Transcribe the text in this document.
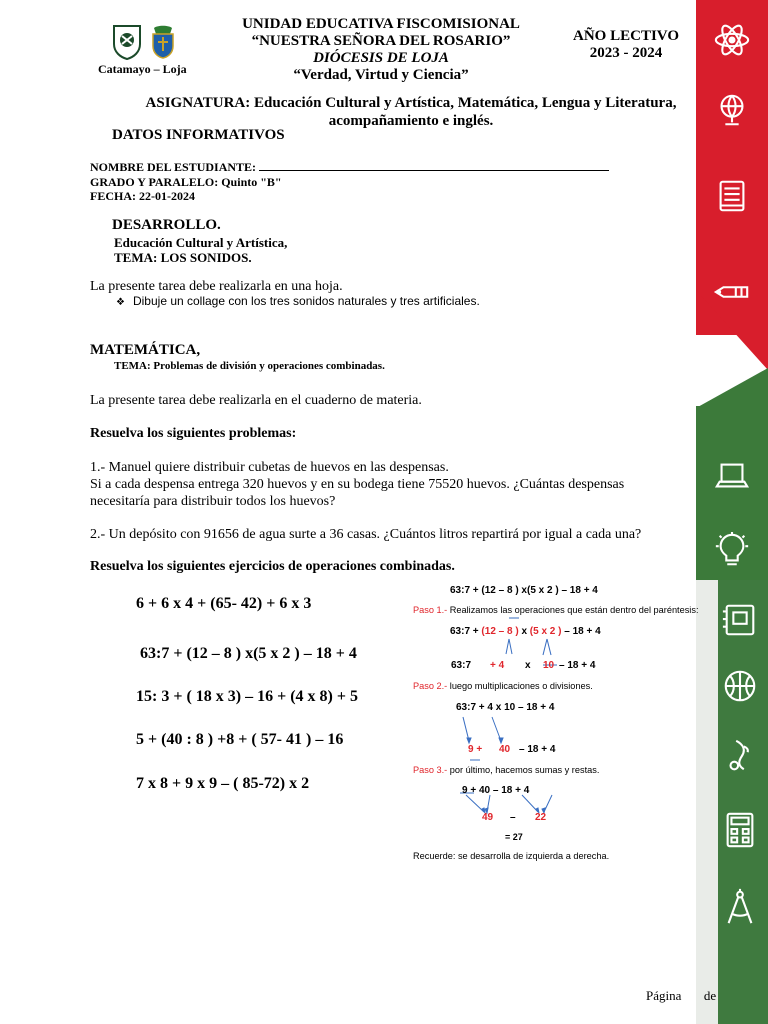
Catamayo – Loja
UNIDAD EDUCATIVA FISCOMISIONAL
“NUESTRA SEÑORA DEL ROSARIO”
DIÓCESIS DE LOJA
“Verdad, Virtud y Ciencia”
AÑO LECTIVO
2023 - 2024
ASIGNATURA: Educación Cultural y Artística, Matemática, Lengua y Literatura,
acompañamiento e inglés.
DATOS INFORMATIVOS
NOMBRE DEL ESTUDIANTE:
GRADO Y PARALELO: Quinto "B"
FECHA: 22-01-2024
DESARROLLO.
Educación Cultural y Artística,
TEMA: LOS SONIDOS.
La presente tarea debe realizarla en una hoja.
❖ Dibuje un collage con los tres sonidos naturales y tres artificiales.
MATEMÁTICA,
TEMA: Problemas de división y operaciones combinadas.
La presente tarea debe realizarla en el cuaderno de materia.
Resuelva los siguientes problemas:
1.- Manuel quiere distribuir cubetas de huevos en las despensas.
Si a cada despensa entrega 320 huevos y en su bodega tiene 75520 huevos. ¿Cuántas despensas
necesitaría para distribuir todos los huevos?
2.- Un depósito con 91656 de agua surte a 36 casas. ¿Cuántos litros repartirá por igual a cada una?
Resuelva los siguientes ejercicios de operaciones combinadas.
6 + 6 x 4 + (65- 42) + 6 x 3
63:7 + (12 – 8 ) x(5 x 2 ) – 18 + 4
15: 3 + ( 18 x 3) – 16 + (4 x 8) + 5
5 + (40 : 8 ) +8 + ( 57- 41 ) – 16
7 x 8 + 9 x 9 – ( 85-72) x 2
63:7 + (12 – 8 ) x(5 x 2 ) – 18 + 4
Paso 1.- Realizamos las operaciones que están dentro del paréntesis:
63:7 + (12 – 8 ) x (5 x 2 ) – 18 + 4
63:7 + 4 x 10 – 18 + 4
Paso 2.- luego multiplicaciones o divisiones.
63:7 + 4 x 10 – 18 + 4
9 + 40 – 18 + 4
Paso 3.- por último, hacemos sumas y restas.
9 + 40 – 18 + 4
49 – 22
= 27
Recuerde: se desarrolla de izquierda a derecha.
Página de
